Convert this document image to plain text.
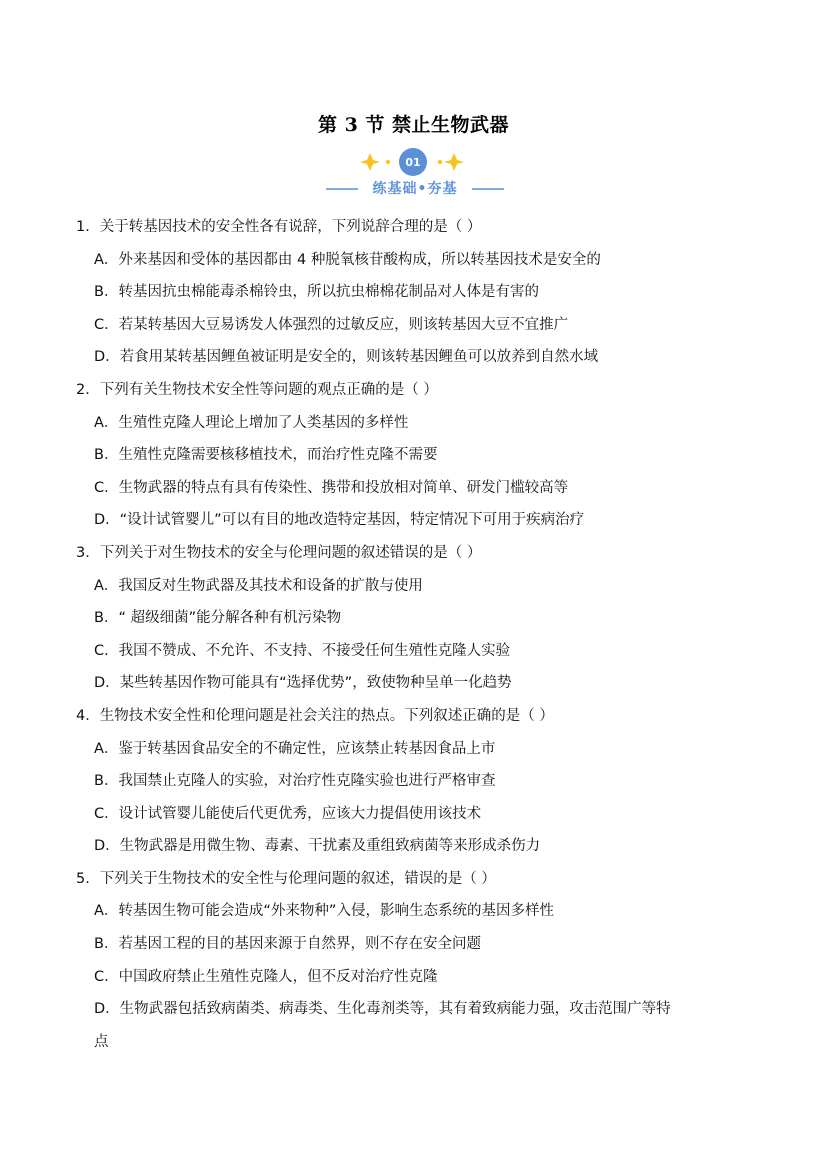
第 3 节 禁止生物武器
01
练基础•夯基
1．关于转基因技术的安全性各有说辞，下列说辞合理的是（ ）
A．外来基因和受体的基因都由 4 种脱氧核苷酸构成，所以转基因技术是安全的
B．转基因抗虫棉能毒杀棉铃虫，所以抗虫棉棉花制品对人体是有害的
C．若某转基因大豆易诱发人体强烈的过敏反应，则该转基因大豆不宜推广
D．若食用某转基因鲤鱼被证明是安全的，则该转基因鲤鱼可以放养到自然水域
2．下列有关生物技术安全性等问题的观点正确的是（ ）
A．生殖性克隆人理论上增加了人类基因的多样性
B．生殖性克隆需要核移植技术，而治疗性克隆不需要
C．生物武器的特点有具有传染性、携带和投放相对简单、研发门槛较高等
D．“设计试管婴儿”可以有目的地改造特定基因，特定情况下可用于疾病治疗
3．下列关于对生物技术的安全与伦理问题的叙述错误的是（ ）
A．我国反对生物武器及其技术和设备的扩散与使用
B．“ 超级细菌”能分解各种有机污染物
C．我国不赞成、不允许、不支持、不接受任何生殖性克隆人实验
D．某些转基因作物可能具有“选择优势”，致使物种呈单一化趋势
4．生物技术安全性和伦理问题是社会关注的热点。下列叙述正确的是（ ）
A．鉴于转基因食品安全的不确定性，应该禁止转基因食品上市
B．我国禁止克隆人的实验，对治疗性克隆实验也进行严格审查
C．设计试管婴儿能使后代更优秀，应该大力提倡使用该技术
D．生物武器是用微生物、毒素、干扰素及重组致病菌等来形成杀伤力
5．下列关于生物技术的安全性与伦理问题的叙述，错误的是（ ）
A．转基因生物可能会造成“外来物种”入侵，影响生态系统的基因多样性
B．若基因工程的目的基因来源于自然界，则不存在安全问题
C．中国政府禁止生殖性克隆人，但不反对治疗性克隆
D．生物武器包括致病菌类、病毒类、生化毒剂类等，其有着致病能力强，攻击范围广等特
点
